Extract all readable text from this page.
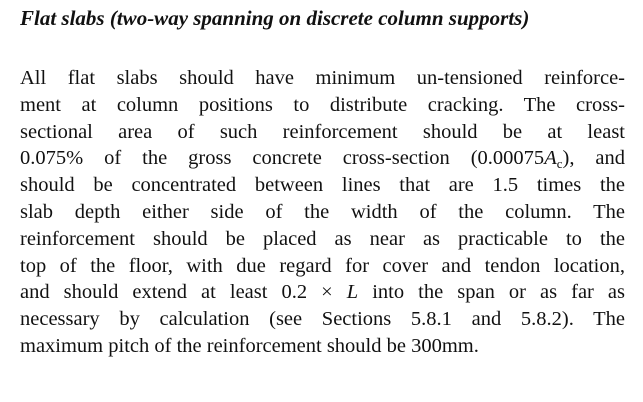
Flat slabs (two-way spanning on discrete column supports)
All flat slabs should have minimum un-tensioned reinforce-
ment at column positions to distribute cracking. The cross-
sectional area of such reinforcement should be at least
0.075% of the gross concrete cross-section $(0.00075A_c)$, and
should be concentrated between lines that are 1.5 times the
slab depth either side of the width of the column. The
reinforcement should be placed as near as practicable to the
top of the floor, with due regard for cover and tendon location,
and should extend at least 0.2 × L into the span or as far as
necessary by calculation (see Sections 5.8.1 and 5.8.2). The
maximum pitch of the reinforcement should be 300mm.
